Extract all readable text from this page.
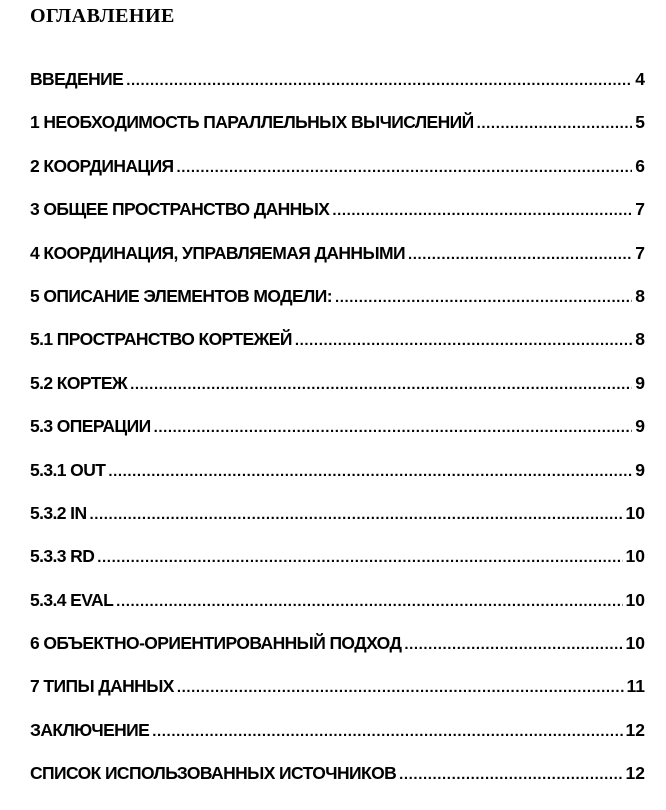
ОГЛАВЛЕНИЕ
ВВЕДЕНИЕ .....	4
1 НЕОБХОДИМОСТЬ ПАРАЛЛЕЛЬНЫХ ВЫЧИСЛЕНИЙ .....	5
2 КООРДИНАЦИЯ .....	6
3 ОБЩЕЕ ПРОСТРАНСТВО ДАННЫХ .....	7
4 КООРДИНАЦИЯ, УПРАВЛЯЕМАЯ ДАННЫМИ .....	7
5 ОПИСАНИЕ ЭЛЕМЕНТОВ МОДЕЛИ: .....	8
5.1 ПРОСТРАНСТВО КОРТЕЖЕЙ .....	8
5.2 КОРТЕЖ .....	9
5.3 ОПЕРАЦИИ .....	9
5.3.1 OUT .....	9
5.3.2 IN .....	10
5.3.3 RD .....	10
5.3.4 EVAL .....	10
6 ОБЪЕКТНО-ОРИЕНТИРОВАННЫЙ ПОДХОД .....	10
7 ТИПЫ ДАННЫХ .....	11
ЗАКЛЮЧЕНИЕ .....	12
СПИСОК ИСПОЛЬЗОВАННЫХ ИСТОЧНИКОВ .....	12
